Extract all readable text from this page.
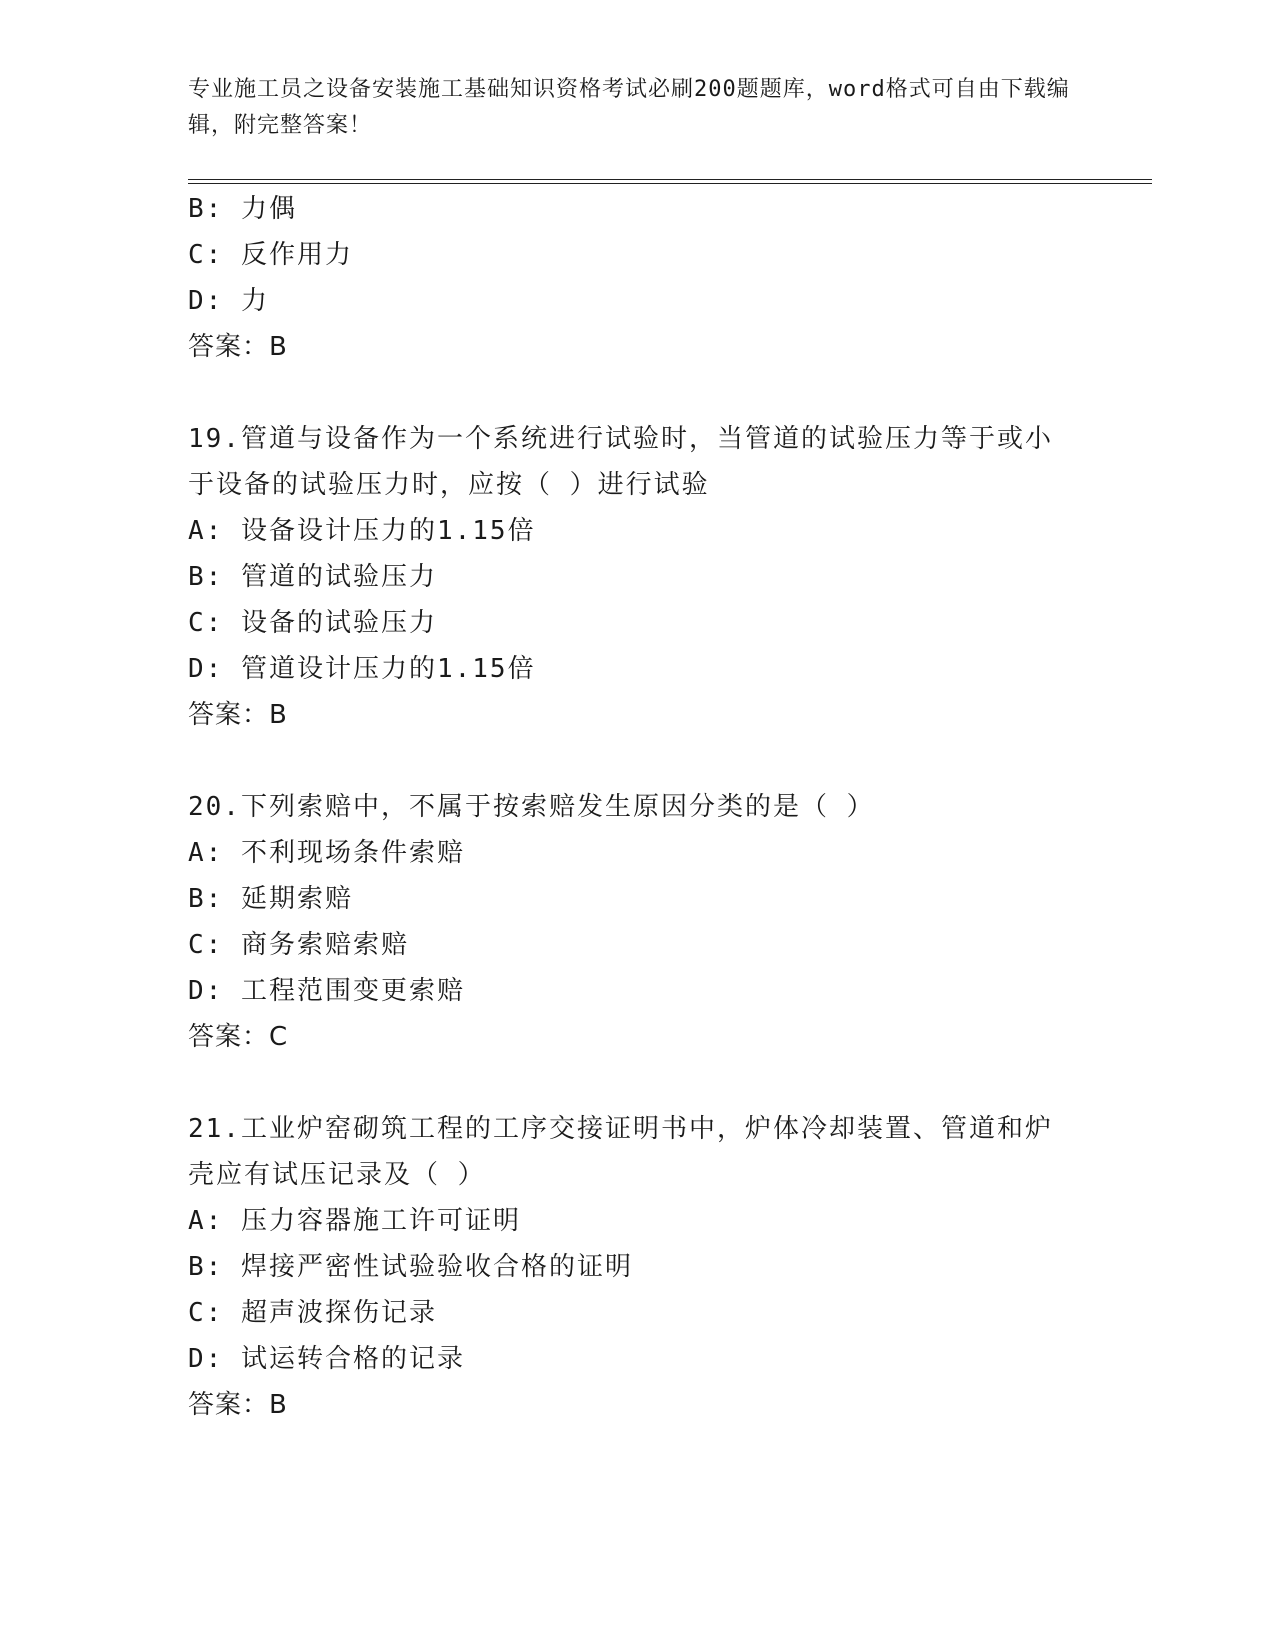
专业施工员之设备安装施工基础知识资格考试必刷200题题库，word格式可自由下载编辑，附完整答案！
B: 力偶
C: 反作用力
D: 力
答案：B
19.管道与设备作为一个系统进行试验时，当管道的试验压力等于或小于设备的试验压力时，应按（ ）进行试验
A: 设备设计压力的1.15倍
B: 管道的试验压力
C: 设备的试验压力
D: 管道设计压力的1.15倍
答案：B
20.下列索赔中，不属于按索赔发生原因分类的是（ ）
A: 不利现场条件索赔
B: 延期索赔
C: 商务索赔索赔
D: 工程范围变更索赔
答案：C
21.工业炉窑砌筑工程的工序交接证明书中，炉体冷却装置、管道和炉壳应有试压记录及（ ）
A: 压力容器施工许可证明
B: 焊接严密性试验验收合格的证明
C: 超声波探伤记录
D: 试运转合格的记录
答案：B
